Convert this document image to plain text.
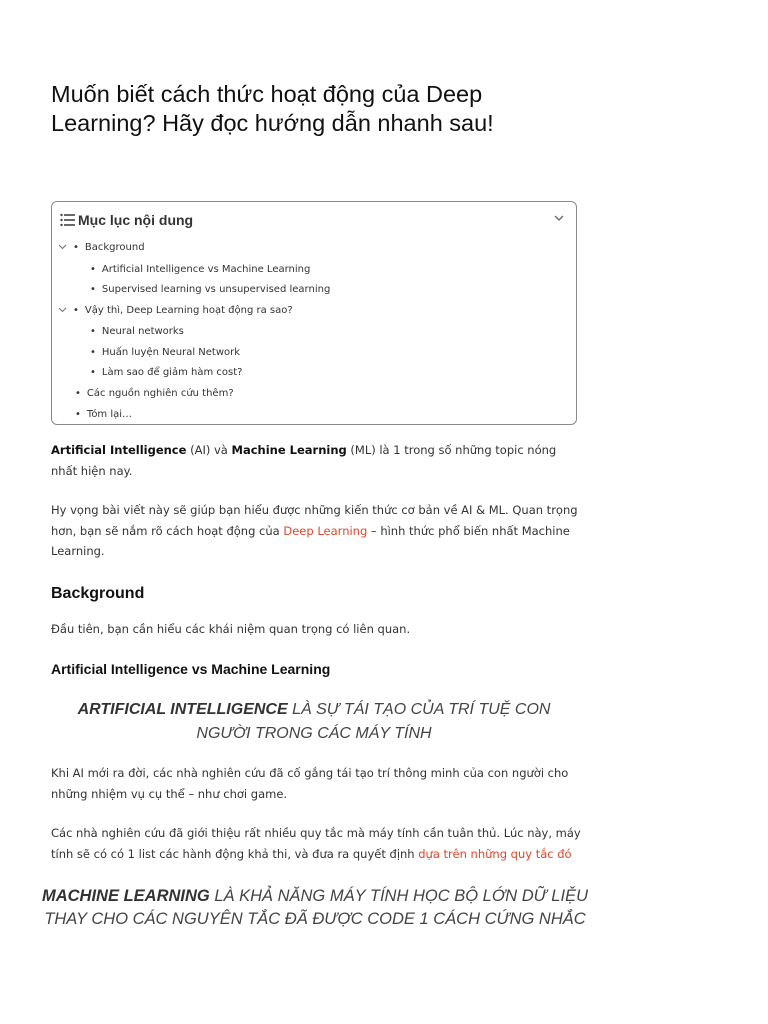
Muốn biết cách thức hoạt động của Deep Learning? Hãy đọc hướng dẫn nhanh sau!
Mục lục nội dung
• Background
• Artificial Intelligence vs Machine Learning
• Supervised learning vs unsupervised learning
• Vậy thì, Deep Learning hoạt động ra sao?
• Neural networks
• Huấn luyện Neural Network
• Làm sao để giảm hàm cost?
• Các nguồn nghiên cứu thêm?
• Tóm lại…

Artificial Intelligence (AI) và Machine Learning (ML) là 1 trong số những topic nóng nhất hiện nay.

Hy vọng bài viết này sẽ giúp bạn hiểu được những kiến thức cơ bản về AI & ML. Quan trọng hơn, bạn sẽ nắm rõ cách hoạt động của Deep Learning – hình thức phổ biến nhất Machine Learning.

Background

Đầu tiên, bạn cần hiểu các khái niệm quan trọng có liên quan.

Artificial Intelligence vs Machine Learning

ARTIFICIAL INTELLIGENCE LÀ SỰ TÁI TẠO CỦA TRÍ TUỆ CON NGƯỜI TRONG CÁC MÁY TÍNH

Khi AI mới ra đời, các nhà nghiên cứu đã cố gắng tái tạo trí thông minh của con người cho những nhiệm vụ cụ thể – như chơi game.

Các nhà nghiên cứu đã giới thiệu rất nhiều quy tắc mà máy tính cần tuân thủ. Lúc này, máy tính sẽ có có 1 list các hành động khả thi, và đưa ra quyết định dựa trên những quy tắc đó

MACHINE LEARNING LÀ KHẢ NĂNG MÁY TÍNH HỌC BỘ LỚN DỮ LIỆU THAY CHO CÁC NGUYÊN TẮC ĐÃ ĐƯỢC CODE 1 CÁCH CỨNG NHẮC
